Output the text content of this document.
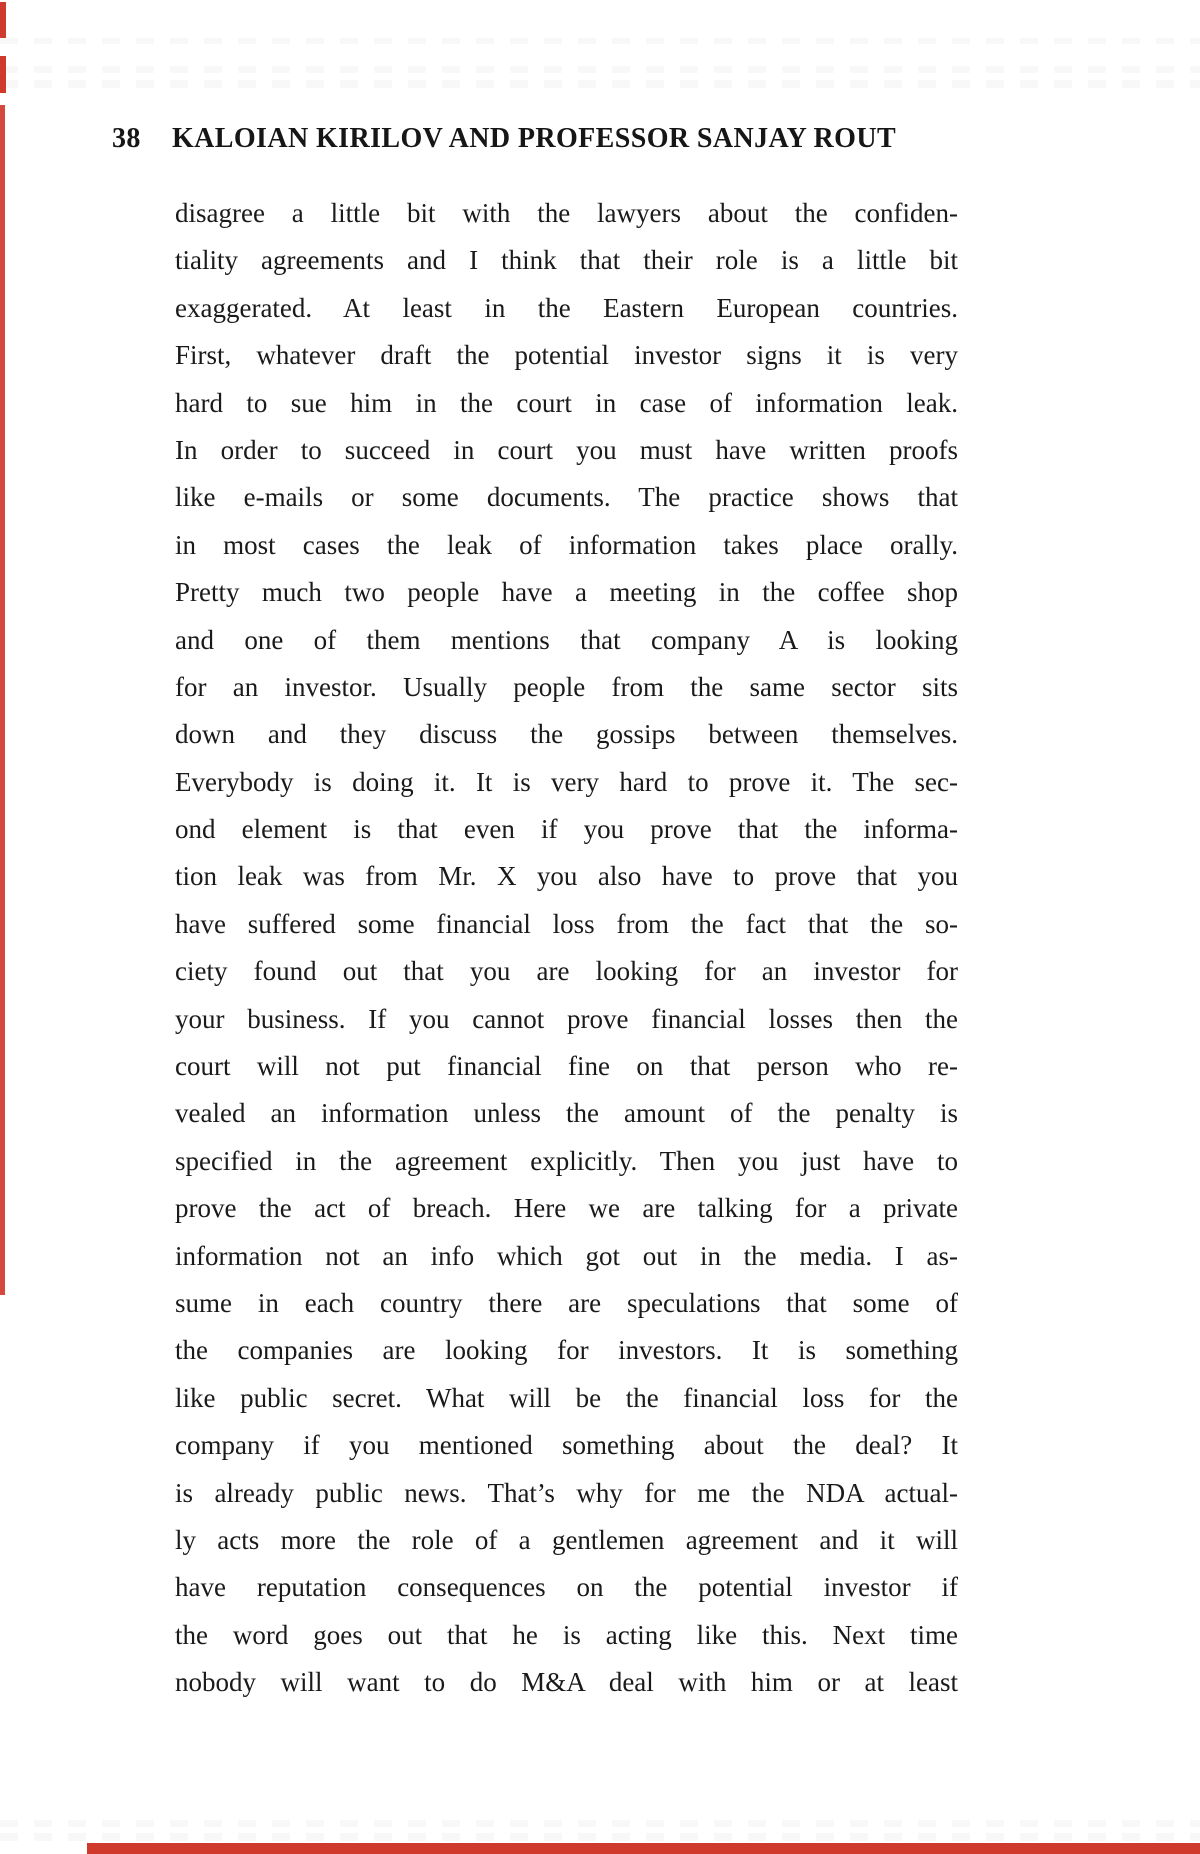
38 KALOIAN KIRILOV AND PROFESSOR SANJAY ROUT
disagree a little bit with the lawyers about the confiden-
tiality agreements and I think that their role is a little bit
exaggerated. At least in the Eastern European countries.
First, whatever draft the potential investor signs it is very
hard to sue him in the court in case of information leak.
In order to succeed in court you must have written proofs
like e-mails or some documents. The practice shows that
in most cases the leak of information takes place orally.
Pretty much two people have a meeting in the coffee shop
and one of them mentions that company A is looking
for an investor. Usually people from the same sector sits
down and they discuss the gossips between themselves.
Everybody is doing it. It is very hard to prove it. The sec-
ond element is that even if you prove that the informa-
tion leak was from Mr. X you also have to prove that you
have suffered some financial loss from the fact that the so-
ciety found out that you are looking for an investor for
your business. If you cannot prove financial losses then the
court will not put financial fine on that person who re-
vealed an information unless the amount of the penalty is
specified in the agreement explicitly. Then you just have to
prove the act of breach. Here we are talking for a private
information not an info which got out in the media. I as-
sume in each country there are speculations that some of
the companies are looking for investors. It is something
like public secret. What will be the financial loss for the
company if you mentioned something about the deal? It
is already public news. That’s why for me the NDA actual-
ly acts more the role of a gentlemen agreement and it will
have reputation consequences on the potential investor if
the word goes out that he is acting like this. Next time
nobody will want to do M&A deal with him or at least
